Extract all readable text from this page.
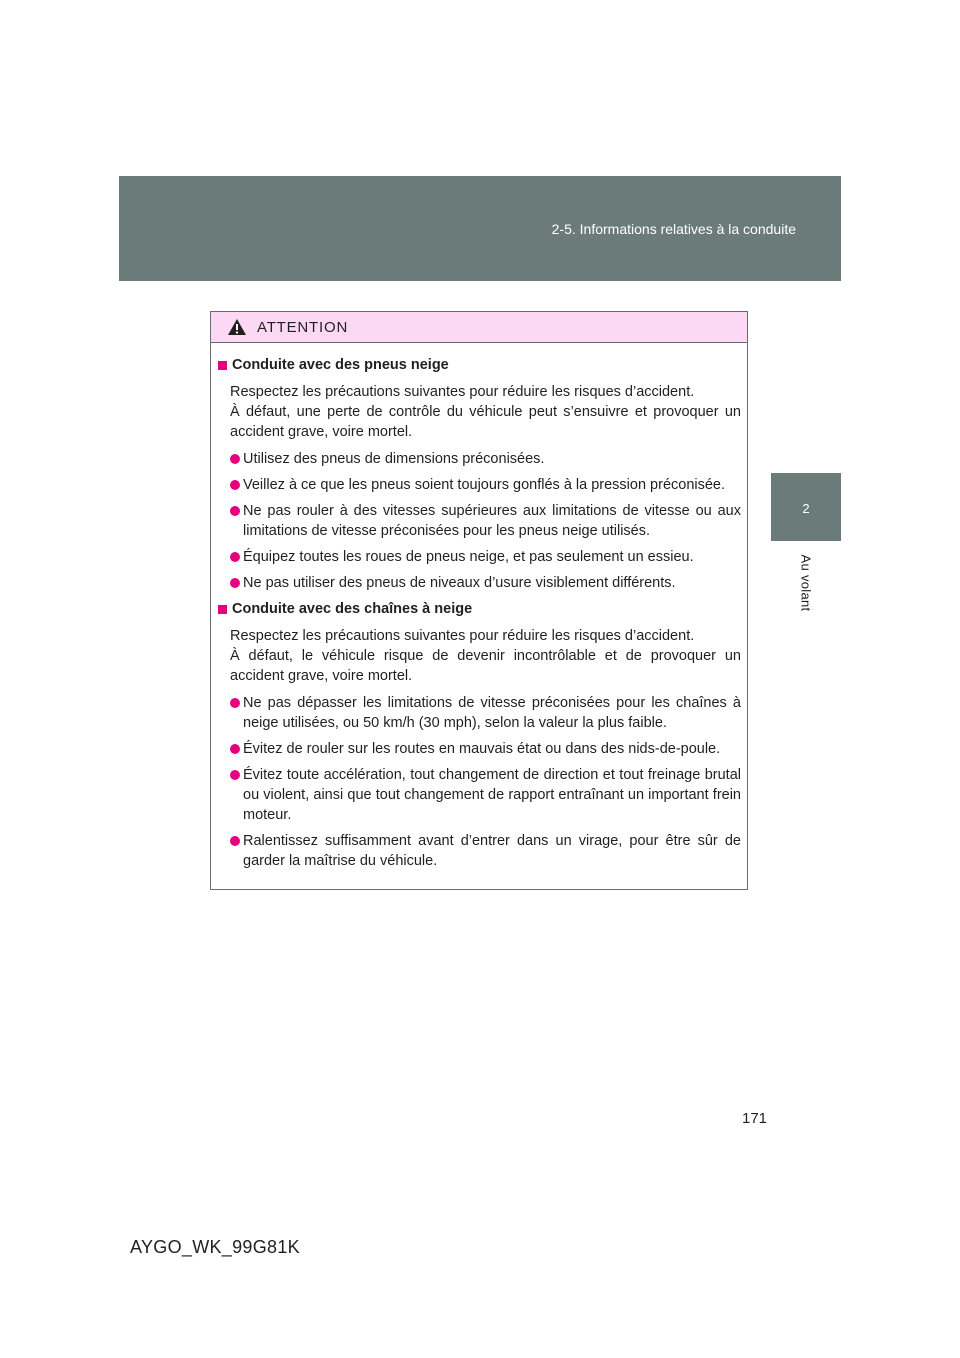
2-5. Informations relatives à la conduite
2
Au volant
ATTENTION
Conduite avec des pneus neige
Respectez les précautions suivantes pour réduire les risques d’accident.
À défaut, une perte de contrôle du véhicule peut s’ensuivre et provoquer un accident grave, voire mortel.
Utilisez des pneus de dimensions préconisées.
Veillez à ce que les pneus soient toujours gonflés à la pression préconisée.
Ne pas rouler à des vitesses supérieures aux limitations de vitesse ou aux limitations de vitesse préconisées pour les pneus neige utilisés.
Équipez toutes les roues de pneus neige, et pas seulement un essieu.
Ne pas utiliser des pneus de niveaux d’usure visiblement différents.
Conduite avec des chaînes à neige
Respectez les précautions suivantes pour réduire les risques d’accident.
À défaut, le véhicule risque de devenir incontrôlable et de provoquer un accident grave, voire mortel.
Ne pas dépasser les limitations de vitesse préconisées pour les chaînes à neige utilisées, ou 50 km/h (30 mph), selon la valeur la plus faible.
Évitez de rouler sur les routes en mauvais état ou dans des nids-de-poule.
Évitez toute accélération, tout changement de direction et tout freinage brutal ou violent, ainsi que tout changement de rapport entraînant un important frein moteur.
Ralentissez suffisamment avant d’entrer dans un virage, pour être sûr de garder la maîtrise du véhicule.
171
AYGO_WK_99G81K
